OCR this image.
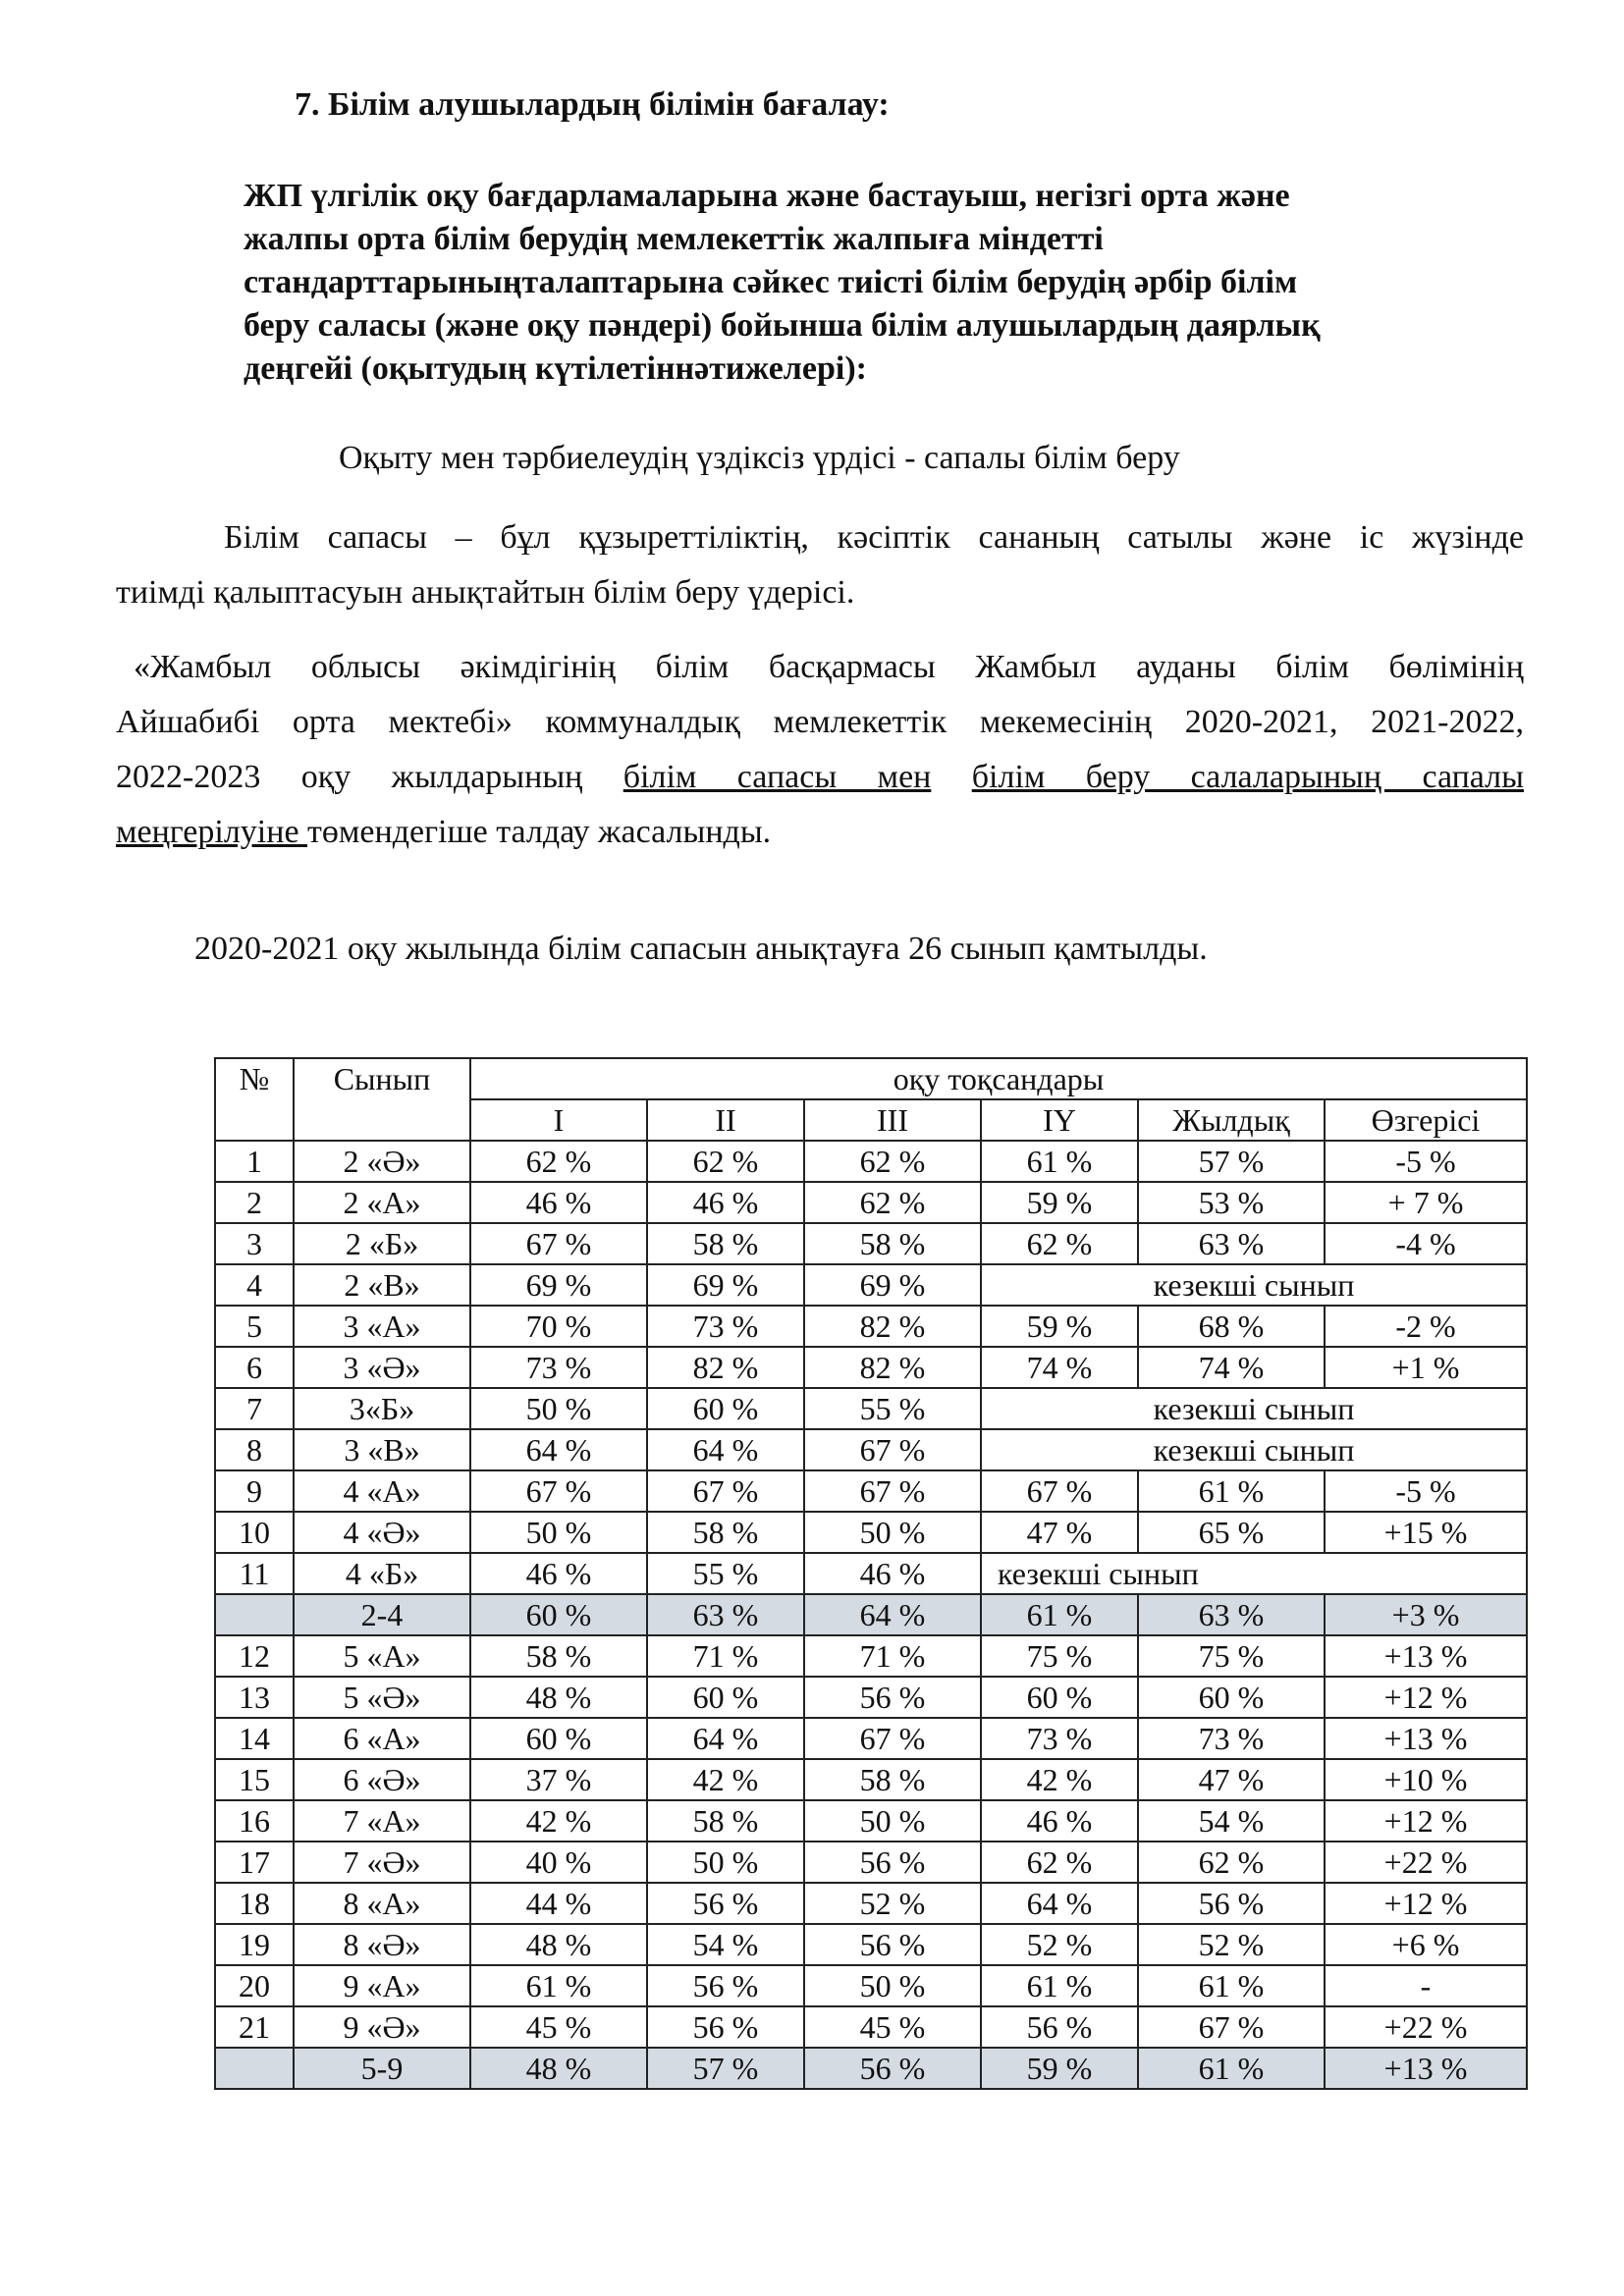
7. Білім алушылардың білімін бағалау:
ЖП үлгілік оқу бағдарламаларына және бастауыш, негізгі орта және
жалпы орта білім берудің мемлекеттік жалпыға міндетті
стандарттарыныңталаптарына сәйкес тиісті білім берудің әрбір білім
беру саласы (және оқу пәндері) бойынша білім алушылардың даярлық
деңгейі (оқытудың күтілетіннәтижелері):
Оқыту мен тәрбиелеудің үздіксіз үрдісі - сапалы білім беру
Білім сапасы – бұл құзыреттіліктің, кәсіптік сананың сатылы және іс жүзінде
тиімді қалыптасуын анықтайтын білім беру үдерісі.
«Жамбыл облысы әкімдігінің білім басқармасы Жамбыл ауданы білім бөлімінің
Айшабибі орта мектебі» коммуналдық мемлекеттік мекемесінің 2020-2021, 2021-2022,
2022-2023 оқу жылдарының білім сапасы мен білім беру салаларының сапалы
меңгерілуіне төмендегіше талдау жасалынды.
2020-2021 оқу жылында білім сапасын анықтауға 26 сынып қамтылды.
№	Сынып	оқу тоқсандары					
		І	ІІ	ІІІ	ІҮ	Жылдық	Өзгерісі
1	2 «Ә»	62 %	62 %	62 %	61 %	57 %	-5 %
2	2 «А»	46 %	46 %	62 %	59 %	53 %	+ 7 %
3	2 «Б»	67 %	58 %	58 %	62 %	63 %	-4 %
4	2 «В»	69 %	69 %	69 %	кезекші сынып		
5	3 «А»	70 %	73 %	82 %	59 %	68 %	-2 %
6	3 «Ә»	73 %	82 %	82 %	74 %	74 %	+1 %
7	3«Б»	50 %	60 %	55 %	кезекші сынып		
8	3 «В»	64 %	64 %	67 %	кезекші сынып		
9	4 «А»	67 %	67 %	67 %	67 %	61 %	-5 %
10	4 «Ә»	50 %	58 %	50 %	47 %	65 %	+15 %
11	4 «Б»	46 %	55 %	46 %	кезекші сынып		
	2-4	60 %	63 %	64 %	61 %	63 %	+3 %
12	5 «А»	58 %	71 %	71 %	75 %	75 %	+13 %
13	5 «Ә»	48 %	60 %	56 %	60 %	60 %	+12 %
14	6 «А»	60 %	64 %	67 %	73 %	73 %	+13 %
15	6 «Ә»	37 %	42 %	58 %	42 %	47 %	+10 %
16	7 «А»	42 %	58 %	50 %	46 %	54 %	+12 %
17	7 «Ә»	40 %	50 %	56 %	62 %	62 %	+22 %
18	8 «А»	44 %	56 %	52 %	64 %	56 %	+12 %
19	8 «Ә»	48 %	54 %	56 %	52 %	52 %	+6 %
20	9 «А»	61 %	56 %	50 %	61 %	61 %	-
21	9 «Ә»	45 %	56 %	45 %	56 %	67 %	+22 %
	5-9	48 %	57 %	56 %	59 %	61 %	+13 %
